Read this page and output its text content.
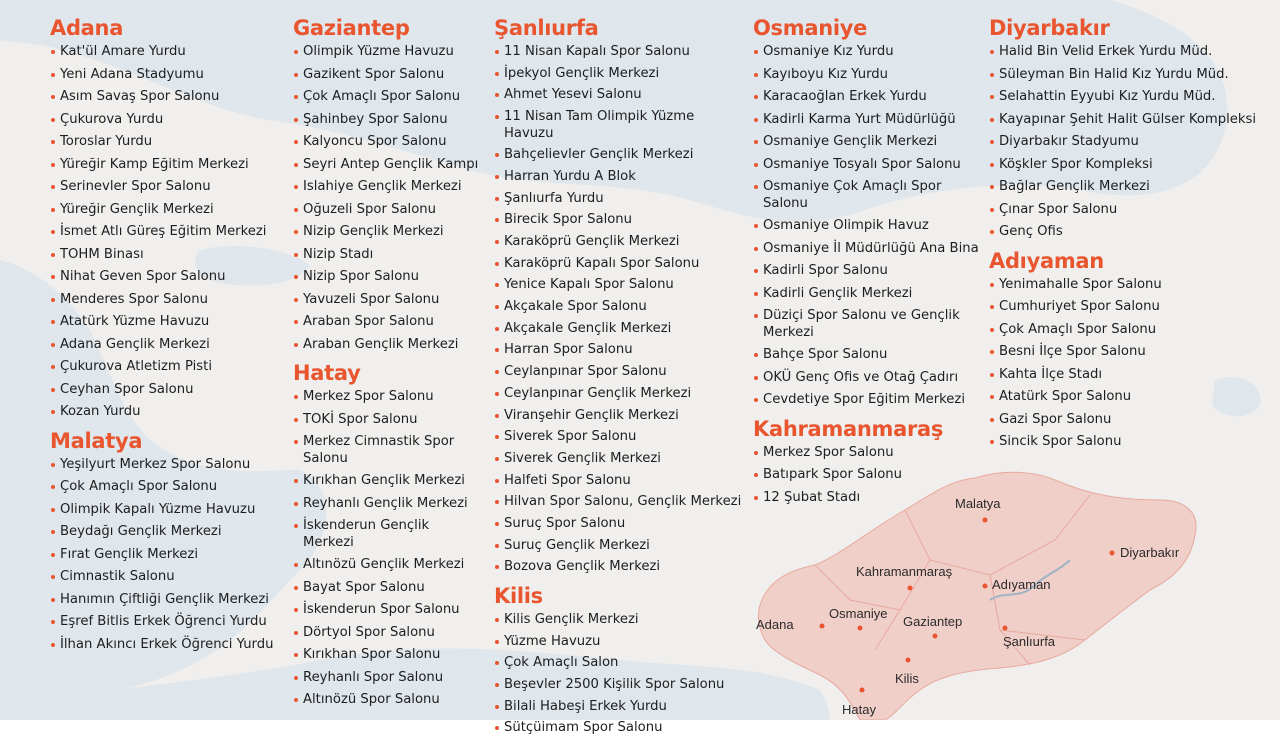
Adana
Kat'ül Amare Yurdu
Yeni Adana Stadyumu
Asım Savaş Spor Salonu
Çukurova Yurdu
Toroslar Yurdu
Yüreğir Kamp Eğitim Merkezi
Serinevler Spor Salonu
Yüreğir Gençlik Merkezi
İsmet Atlı Güreş Eğitim Merkezi
TOHM Binası
Nihat Geven Spor Salonu
Menderes Spor Salonu
Atatürk Yüzme Havuzu
Adana Gençlik Merkezi
Çukurova Atletizm Pisti
Ceyhan Spor Salonu
Kozan Yurdu
Malatya
Yeşilyurt Merkez Spor Salonu
Çok Amaçlı Spor Salonu
Olimpik Kapalı Yüzme Havuzu
Beydağı Gençlik Merkezi
Fırat Gençlik Merkezi
Cimnastik Salonu
Hanımın Çiftliği Gençlik Merkezi
Eşref Bitlis Erkek Öğrenci Yurdu
İlhan Akıncı Erkek Öğrenci Yurdu
Gaziantep
Olimpik Yüzme Havuzu
Gazikent Spor Salonu
Çok Amaçlı Spor Salonu
Şahinbey Spor Salonu
Kalyoncu Spor Salonu
Seyri Antep Gençlik Kampı
Islahiye Gençlik Merkezi
Oğuzeli Spor Salonu
Nizip Gençlik Merkezi
Nizip Stadı
Nizip Spor Salonu
Yavuzeli Spor Salonu
Araban Spor Salonu
Araban Gençlik Merkezi
Hatay
Merkez Spor Salonu
TOKİ Spor Salonu
Merkez Cimnastik Spor Salonu
Kırıkhan Gençlik Merkezi
Reyhanlı Gençlik Merkezi
İskenderun Gençlik Merkezi
Altınözü Gençlik Merkezi
Bayat Spor Salonu
İskenderun Spor Salonu
Dörtyol Spor Salonu
Kırıkhan Spor Salonu
Reyhanlı Spor Salonu
Altınözü Spor Salonu
Şanlıurfa
11 Nisan Kapalı Spor Salonu
İpekyol Gençlik Merkezi
Ahmet Yesevi Salonu
11 Nisan Tam Olimpik Yüzme Havuzu
Bahçelievler Gençlik Merkezi
Harran Yurdu A Blok
Şanlıurfa Yurdu
Birecik Spor Salonu
Karaköprü Gençlik Merkezi
Karaköprü Kapalı Spor Salonu
Yenice Kapalı Spor Salonu
Akçakale Spor Salonu
Akçakale Gençlik Merkezi
Harran Spor Salonu
Ceylanpınar Spor Salonu
Ceylanpınar Gençlik Merkezi
Viranşehir Gençlik Merkezi
Siverek Spor Salonu
Siverek Gençlik Merkezi
Halfeti Spor Salonu
Hilvan Spor Salonu, Gençlik Merkezi
Suruç Spor Salonu
Suruç Gençlik Merkezi
Bozova Gençlik Merkezi
Kilis
Kilis Gençlik Merkezi
Yüzme Havuzu
Çok Amaçlı Salon
Beşevler 2500 Kişilik Spor Salonu
Bilali Habeşi Erkek Yurdu
Sütçüimam Spor Salonu
Osmaniye
Osmaniye Kız Yurdu
Kayıboyu Kız Yurdu
Karacaoğlan Erkek Yurdu
Kadirli Karma Yurt Müdürlüğü
Osmaniye Gençlik Merkezi
Osmaniye Tosyalı Spor Salonu
Osmaniye Çok Amaçlı Spor Salonu
Osmaniye Olimpik Havuz
Osmaniye İl Müdürlüğü Ana Bina
Kadirli Spor Salonu
Kadirli Gençlik Merkezi
Düziçi Spor Salonu ve Gençlik Merkezi
Bahçe Spor Salonu
OKÜ Genç Ofis ve Otağ Çadırı
Cevdetiye Spor Eğitim Merkezi
Kahramanmaraş
Merkez Spor Salonu
Batıpark Spor Salonu
12 Şubat Stadı
Diyarbakır
Halid Bin Velid Erkek Yurdu Müd.
Süleyman Bin Halid Kız Yurdu Müd.
Selahattin Eyyubi Kız Yurdu Müd.
Kayapınar Şehit Halit Gülser Kompleksi
Diyarbakır Stadyumu
Köşkler Spor Kompleksi
Bağlar Gençlik Merkezi
Çınar Spor Salonu
Genç Ofis
Adıyaman
Yenimahalle Spor Salonu
Cumhuriyet Spor Salonu
Çok Amaçlı Spor Salonu
Besni İlçe Spor Salonu
Kahta İlçe Stadı
Atatürk Spor Salonu
Gazi Spor Salonu
Sincik Spor Salonu
Malatya
Diyarbakır
Kahramanmaraş
Adıyaman
Adana
Osmaniye
Gaziantep
Şanlıurfa
Kilis
Hatay
